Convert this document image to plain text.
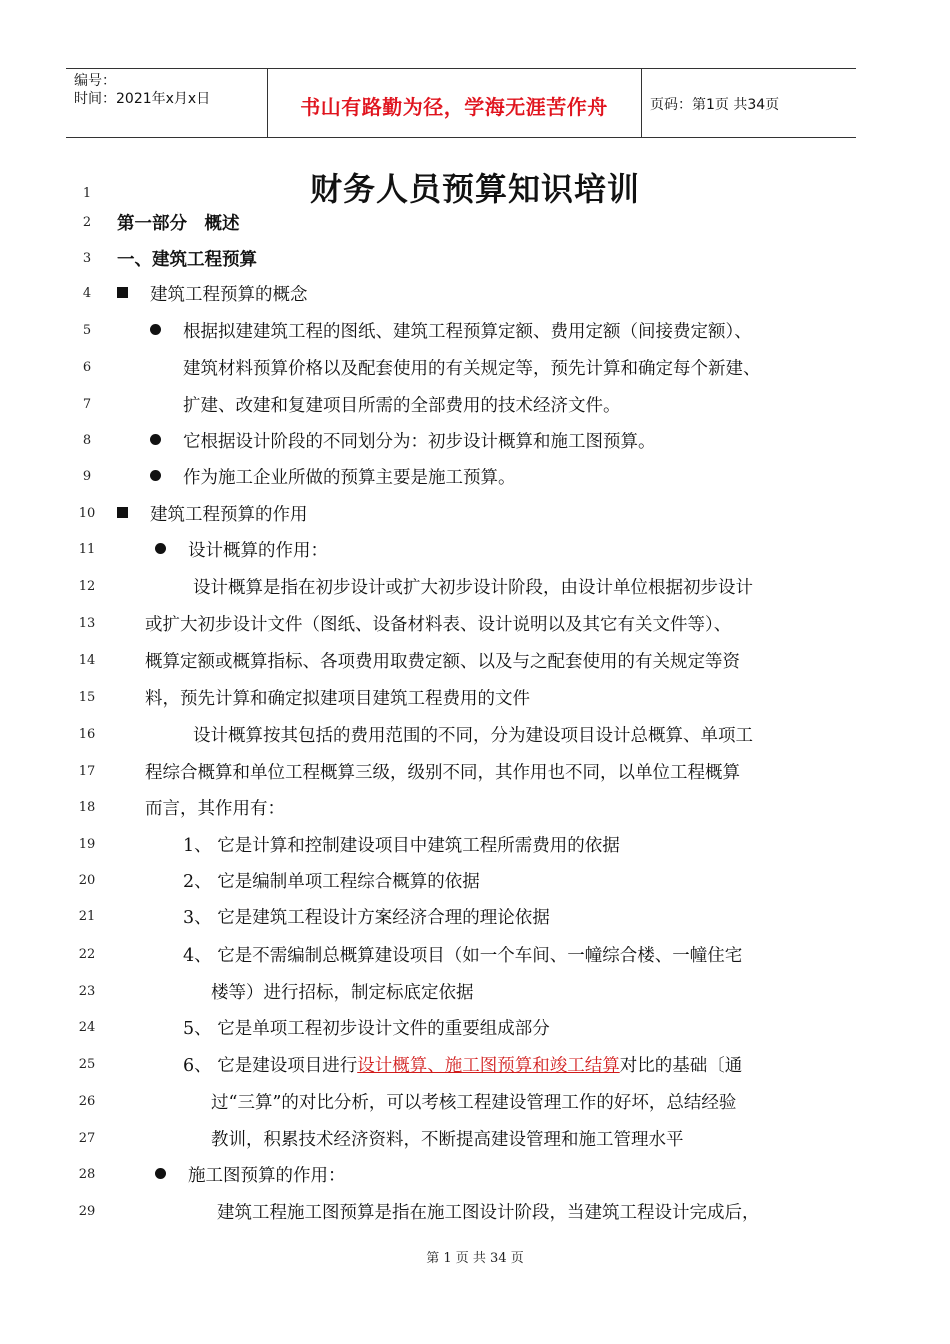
编号：
时间：2021年x月x日	书山有路勤为径，学海无涯苦作舟	页码：第1页 共34页
财务人员预算知识培训
1
2
3
4
5
6
7
8
9
10
11
12
13
14
15
16
17
18
19
20
21
22
23
24
25
26
27
28
29
第一部分　概述
一、建筑工程预算
建筑工程预算的概念
根据拟建建筑工程的图纸、建筑工程预算定额、费用定额（间接费定额）、
建筑材料预算价格以及配套使用的有关规定等，预先计算和确定每个新建、
扩建、改建和复建项目所需的全部费用的技术经济文件。
它根据设计阶段的不同划分为：初步设计概算和施工图预算。
作为施工企业所做的预算主要是施工预算。
建筑工程预算的作用
设计概算的作用：
设计概算是指在初步设计或扩大初步设计阶段，由设计单位根据初步设计
或扩大初步设计文件（图纸、设备材料表、设计说明以及其它有关文件等）、
概算定额或概算指标、各项费用取费定额、以及与之配套使用的有关规定等资
料，预先计算和确定拟建项目建筑工程费用的文件
设计概算按其包括的费用范围的不同，分为建设项目设计总概算、单项工
程综合概算和单位工程概算三级，级别不同，其作用也不同，以单位工程概算
而言，其作用有：
1、 它是计算和控制建设项目中建筑工程所需费用的依据
2、 它是编制单项工程综合概算的依据
3、 它是建筑工程设计方案经济合理的理论依据
4、 它是不需编制总概算建设项目（如一个车间、一幢综合楼、一幢住宅
楼等）进行招标，制定标底定依据
5、 它是单项工程初步设计文件的重要组成部分
6、 它是建设项目进行设计概算、施工图预算和竣工结算对比的基础〔通
过“三算”的对比分析，可以考核工程建设管理工作的好坏，总结经验
教训，积累技术经济资料，不断提高建设管理和施工管理水平
施工图预算的作用：
建筑工程施工图预算是指在施工图设计阶段，当建筑工程设计完成后，
第 1 页 共 34 页
